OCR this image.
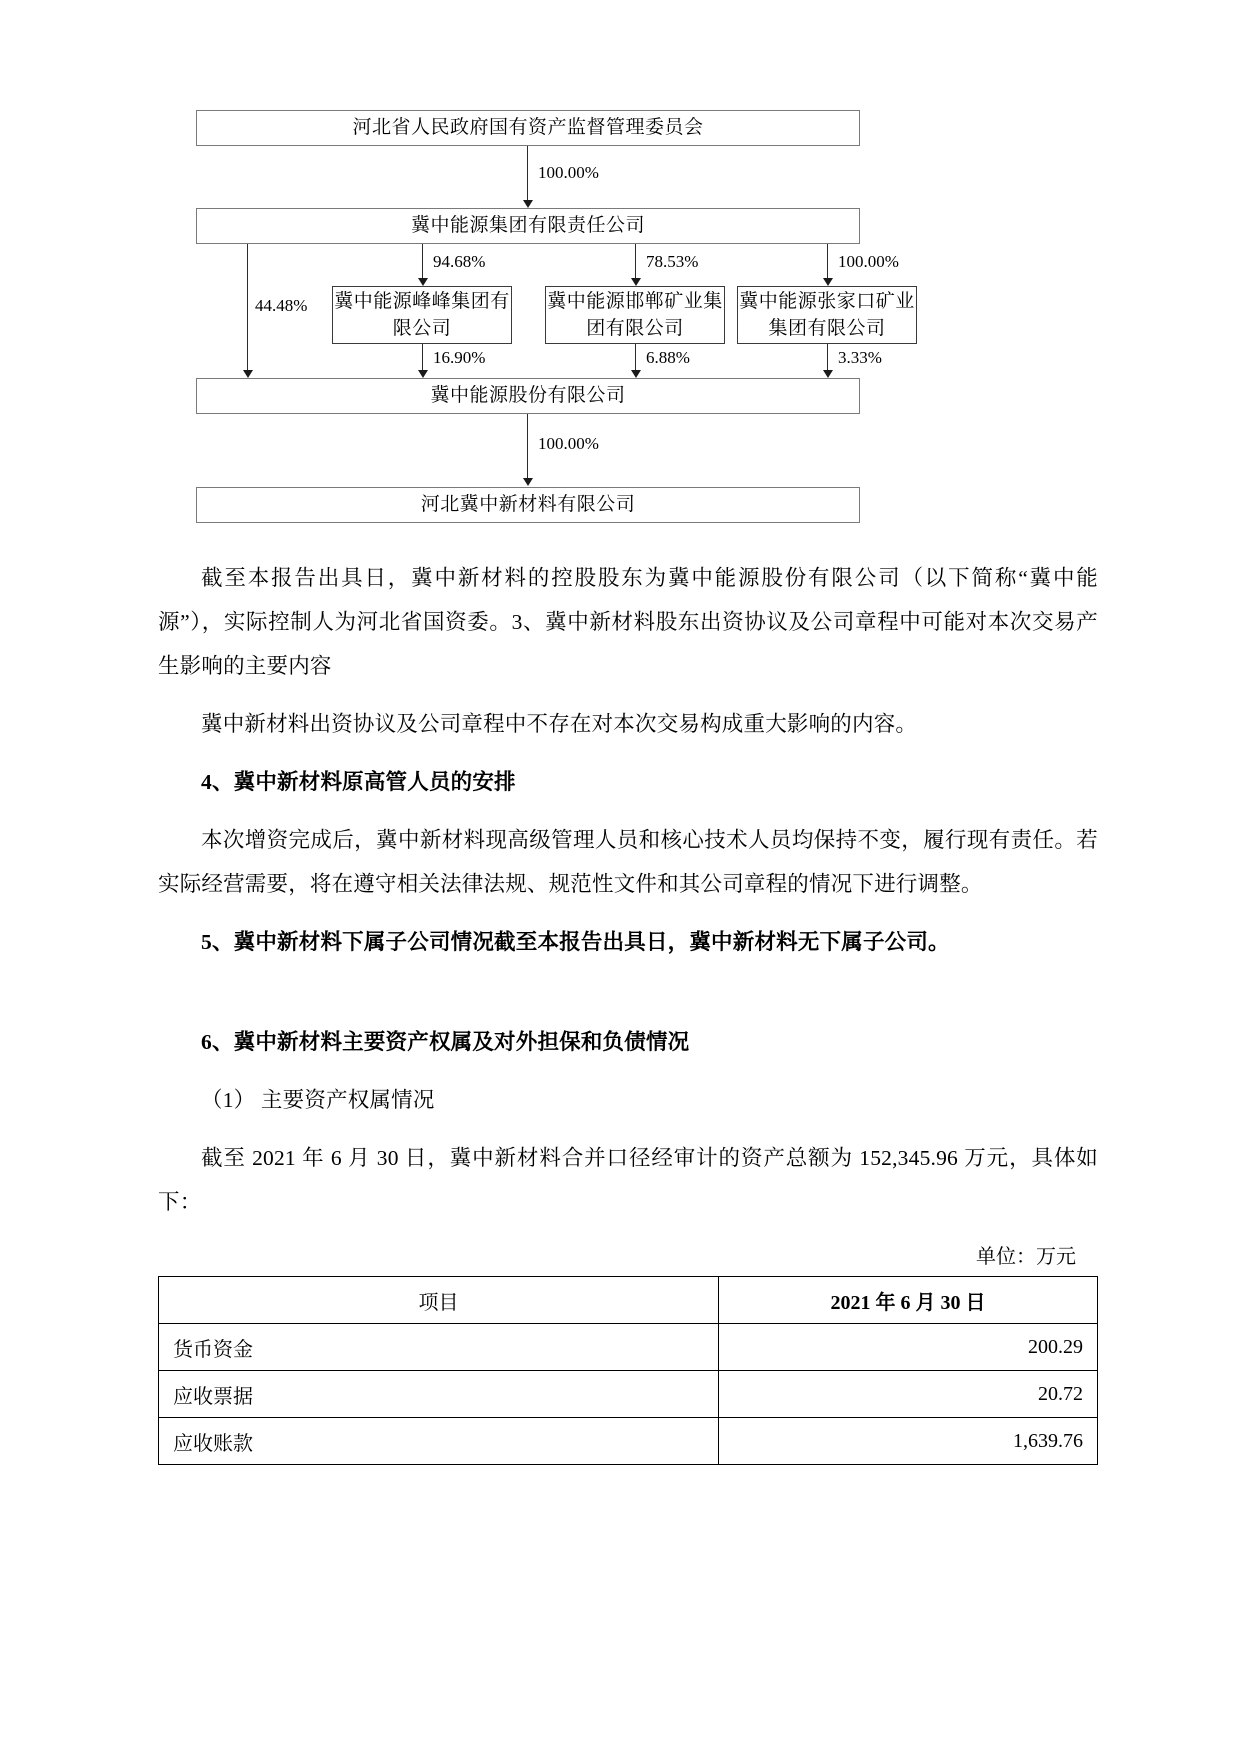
河北省人民政府国有资产监督管理委员会
100.00%
冀中能源集团有限责任公司
44.48%
94.68%	78.53%	100.00%
冀中能源峰峰集团有限公司
冀中能源邯郸矿业集团有限公司
冀中能源张家口矿业集团有限公司
16.90%	6.88%	3.33%
冀中能源股份有限公司
100.00%
河北冀中新材料有限公司

截至本报告出具日，冀中新材料的控股股东为冀中能源股份有限公司（以下简称“冀中能源”），实际控制人为河北省国资委。3、冀中新材料股东出资协议及公司章程中可能对本次交易产生影响的主要内容

冀中新材料出资协议及公司章程中不存在对本次交易构成重大影响的内容。

4、冀中新材料原高管人员的安排

本次增资完成后，冀中新材料现高级管理人员和核心技术人员均保持不变，履行现有责任。若实际经营需要，将在遵守相关法律法规、规范性文件和其公司章程的情况下进行调整。

5、冀中新材料下属子公司情况截至本报告出具日，冀中新材料无下属子公司。

6、冀中新材料主要资产权属及对外担保和负债情况

（1） 主要资产权属情况

截至 2021 年 6 月 30 日，冀中新材料合并口径经审计的资产总额为 152,345.96 万元，具体如下：

单位：万元

项目	2021 年 6 月 30 日
货币资金	200.29
应收票据	20.72
应收账款	1,639.76
